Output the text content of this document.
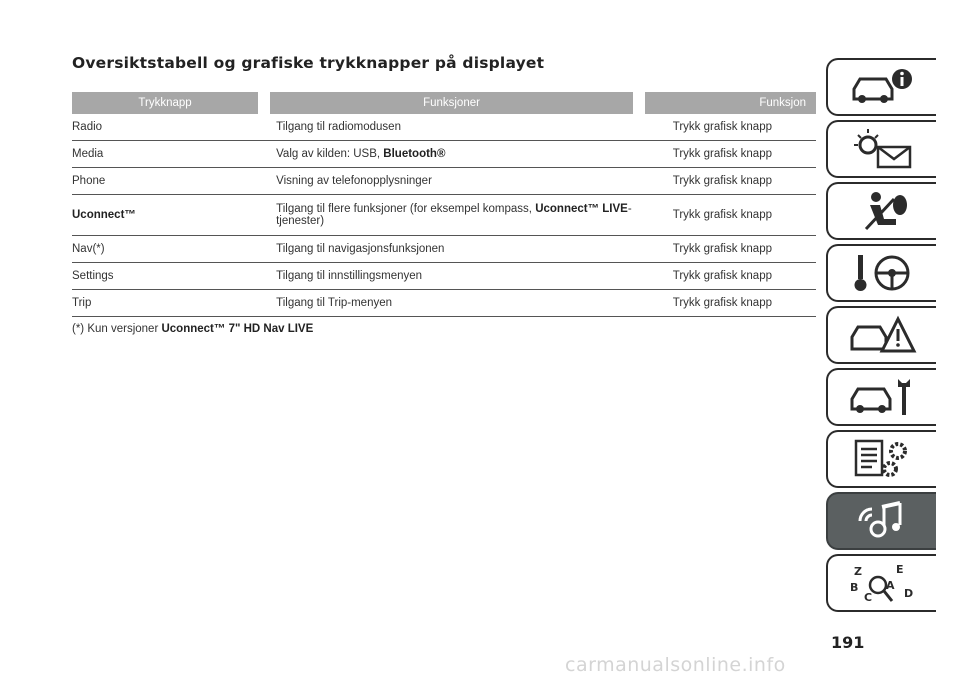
Oversiktstabell og grafiske trykknapper på displayet
Trykknapp	Funksjoner	Funksjon
Radio	Tilgang til radiomodusen	Trykk grafisk knapp
Media	Valg av kilden: USB, Bluetooth®	Trykk grafisk knapp
Phone	Visning av telefonopplysninger	Trykk grafisk knapp
Uconnect™	Tilgang til flere funksjoner (for eksempel kompass, Uconnect™ LIVE-tjenester)	Trykk grafisk knapp
Nav(*)	Tilgang til navigasjonsfunksjonen	Trykk grafisk knapp
Settings	Tilgang til innstillingsmenyen	Trykk grafisk knapp
Trip	Tilgang til Trip-menyen	Trykk grafisk knapp
(*) Kun versjoner Uconnect™ 7" HD Nav LIVE
Z	E
B	A
C	D
191
carmanualsonline.info
